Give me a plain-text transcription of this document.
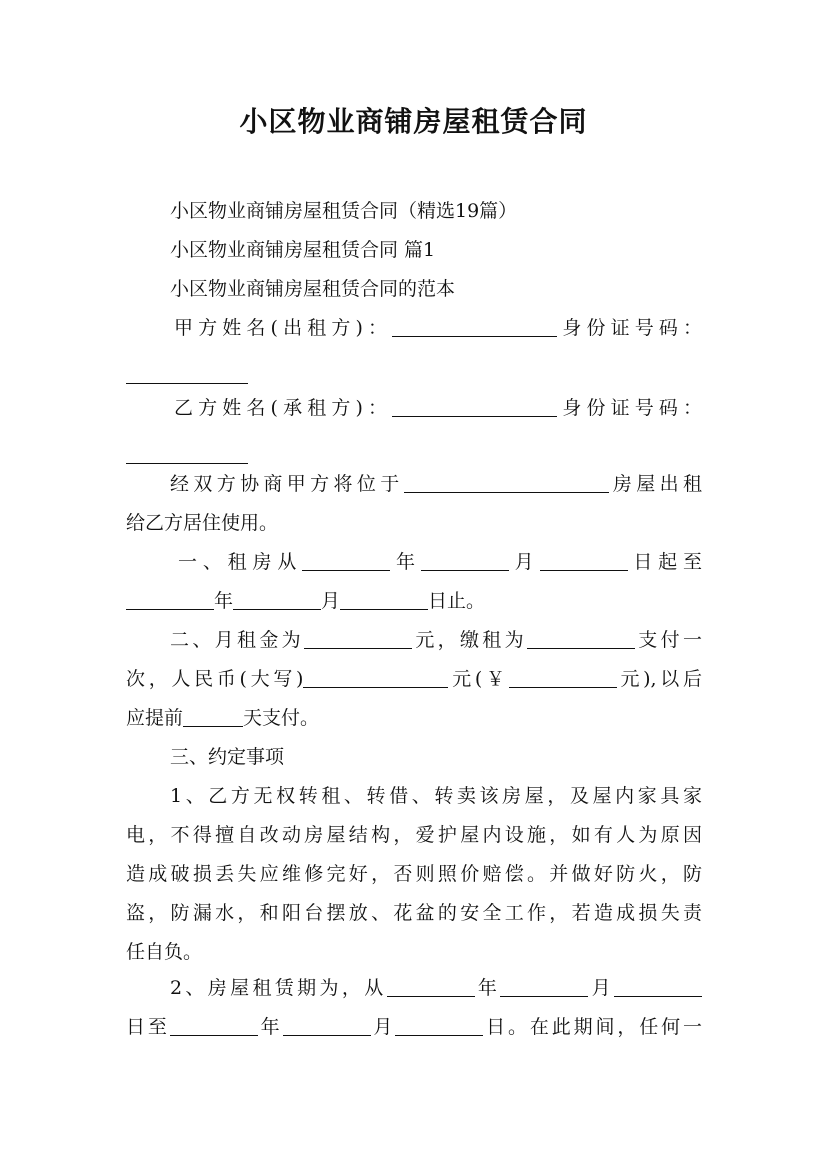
小区物业商铺房屋租赁合同
小区物业商铺房屋租赁合同（精选19篇）
小区物业商铺房屋租赁合同 篇1
小区物业商铺房屋租赁合同的范本
甲方姓名(出租方)：	身份证号码：
乙方姓名(承租方)：	身份证号码：
经双方协商甲方将位于	房屋出租
给乙方居住使用。
一、租房从	年	月	日起至
年	月	日止。
二、月租金为	元，缴租为	支付一
次，人民币(大写)	元(￥	元),以后
应提前	天支付。
三、约定事项
1、乙方无权转租、转借、转卖该房屋，及屋内家具家
电，不得擅自改动房屋结构，爱护屋内设施，如有人为原因
造成破损丢失应维修完好，否则照价赔偿。并做好防火，防
盗，防漏水，和阳台摆放、花盆的安全工作，若造成损失责
任自负。
2、房屋租赁期为，从	年	月
日至	年	月	日。在此期间，任何一
